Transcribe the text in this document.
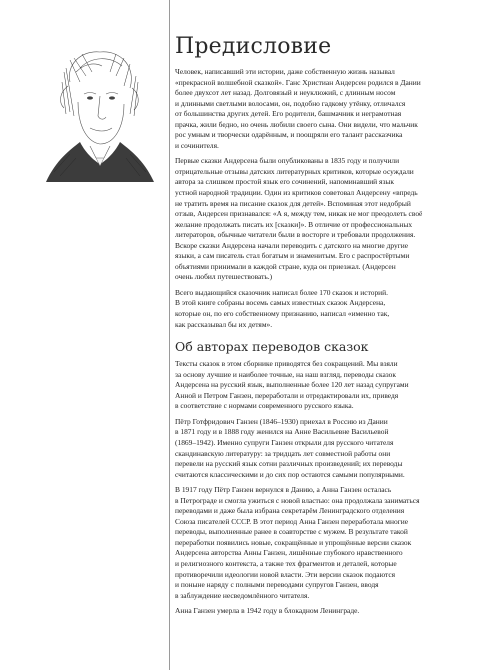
Предисловие

Человек, написавший эти истории, даже собственную жизнь называл
«прекрасной волшебной сказкой». Ганс Христиан Андерсен родился в Дании
более двухсот лет назад. Долговязый и неуклюжий, с длинным носом
и длинными светлыми волосами, он, подобно гадкому утёнку, отличался
от большинства других детей. Его родители, башмачник и неграмотная
прачка, жили бедно, но очень любили своего сына. Они видели, что мальчик
рос умным и творчески одарённым, и поощряли его талант рассказчика
и сочинителя.

Первые сказки Андерсена были опубликованы в 1835 году и получили
отрицательные отзывы датских литературных критиков, которые осуждали
автора за слишком простой язык его сочинений, напоминавший язык
устной народной традиции. Один из критиков советовал Андерсену «впредь
не тратить время на писание сказок для детей». Вспоминая этот недобрый
отзыв, Андерсен признавался: «А я, между тем, никак не мог преодолеть своё
желание продолжать писать их [сказки]». В отличие от профессиональных
литераторов, обычные читатели были в восторге и требовали продолжения.
Вскоре сказки Андерсена начали переводить с датского на многие другие
языки, а сам писатель стал богатым и знаменитым. Его с распростёртыми
объятиями принимали в каждой стране, куда он приезжал. (Андерсен
очень любил путешествовать.)

Всего выдающийся сказочник написал более 170 сказок и историй.
В этой книге собраны восемь самых известных сказок Андерсена,
которые он, по его собственному признанию, написал «именно так,
как рассказывал бы их детям».

Об авторах переводов сказок

Тексты сказок в этом сборнике приводятся без сокращений. Мы взяли
за основу лучшие и наиболее точные, на наш взгляд, переводы сказок
Андерсена на русский язык, выполненные более 120 лет назад супругами
Анной и Петром Ганзен, переработали и отредактировали их, приведя
в соответствие с нормами современного русского языка.

Пётр Готфридович Ганзен (1846–1930) приехал в Россию из Дании
в 1871 году и в 1888 году женился на Анне Васильевне Васильевой
(1869–1942). Именно супруги Ганзен открыли для русского читателя
скандинавскую литературу: за тридцать лет совместной работы они
перевели на русский язык сотни различных произведений; их переводы
считаются классическими и до сих пор остаются самыми популярными.

В 1917 году Пётр Ганзен вернулся в Данию, а Анна Ганзен осталась
в Петрограде и смогла ужиться с новой властью: она продолжала заниматься
переводами и даже была избрана секретарём Ленинградского отделения
Союза писателей СССР. В этот период Анна Ганзен переработала многие
переводы, выполненные ранее в соавторстве с мужем. В результате такой
переработки появились новые, сокращённые и упрощённые версии сказок
Андерсена авторства Анны Ганзен, лишённые глубокого нравственного
и религиозного контекста, а также тех фрагментов и деталей, которые
противоречили идеологии новой власти. Эти версии сказок подаются
и поныне наряду с полными переводами супругов Ганзен, вводя
в заблуждение несведомлённого читателя.

Анна Ганзен умерла в 1942 году в блокадном Ленинграде.
